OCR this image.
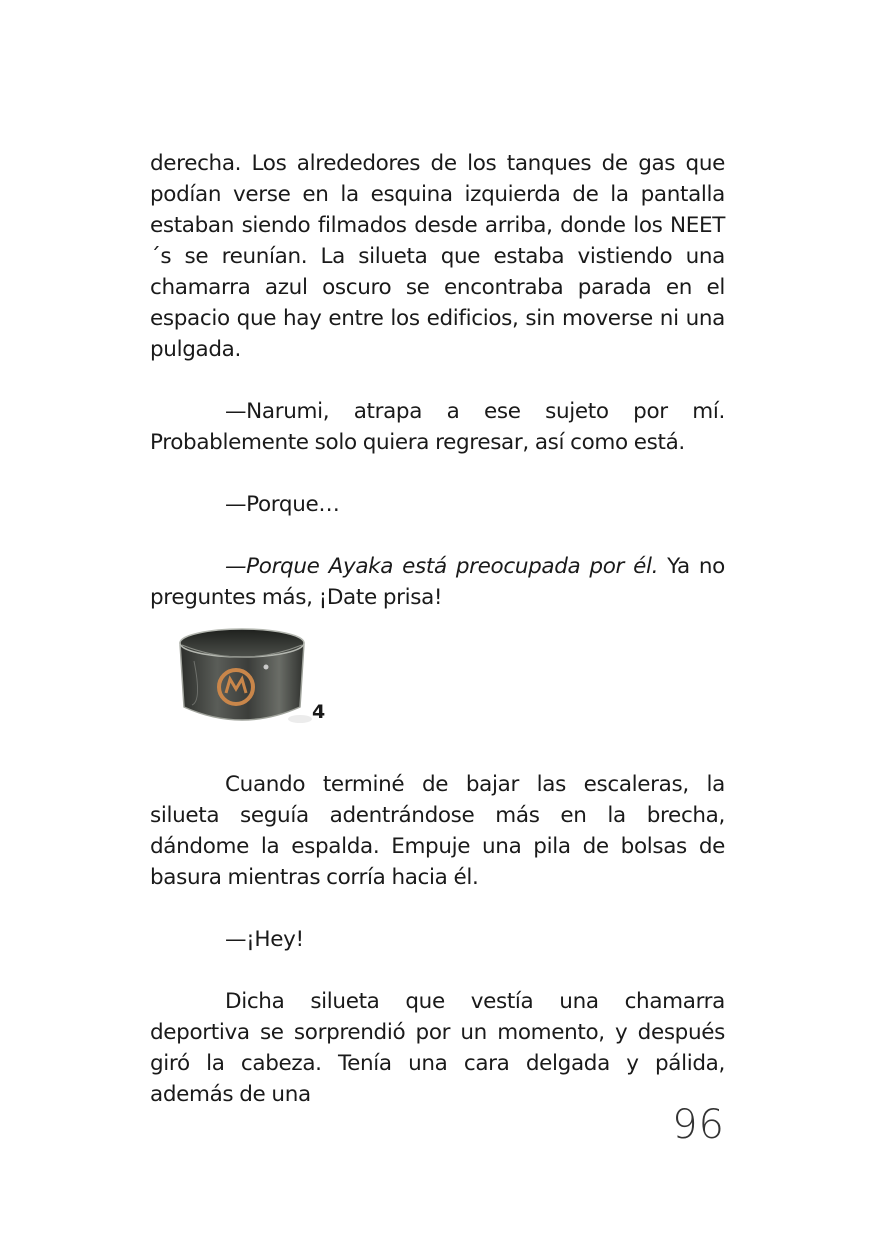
derecha. Los alrededores de los tanques de gas que podían verse en la esquina izquierda de la pantalla estaban siendo filmados desde arriba, donde los NEET´s se reunían. La silueta que estaba vistiendo una chamarra azul oscuro se encontraba parada en el espacio que hay entre los edificios, sin moverse ni una pulgada.

—Narumi, atrapa a ese sujeto por mí. Probablemente solo quiera regresar, así como está.

—Porque…

—Porque Ayaka está preocupada por él. Ya no preguntes más, ¡Date prisa!

4

Cuando terminé de bajar las escaleras, la silueta seguía adentrándose más en la brecha, dándome la espalda. Empuje una pila de bolsas de basura mientras corría hacia él.

—¡Hey!

Dicha silueta que vestía una chamarra deportiva se sorprendió por un momento, y después giró la cabeza. Tenía una cara delgada y pálida, además de una

96
